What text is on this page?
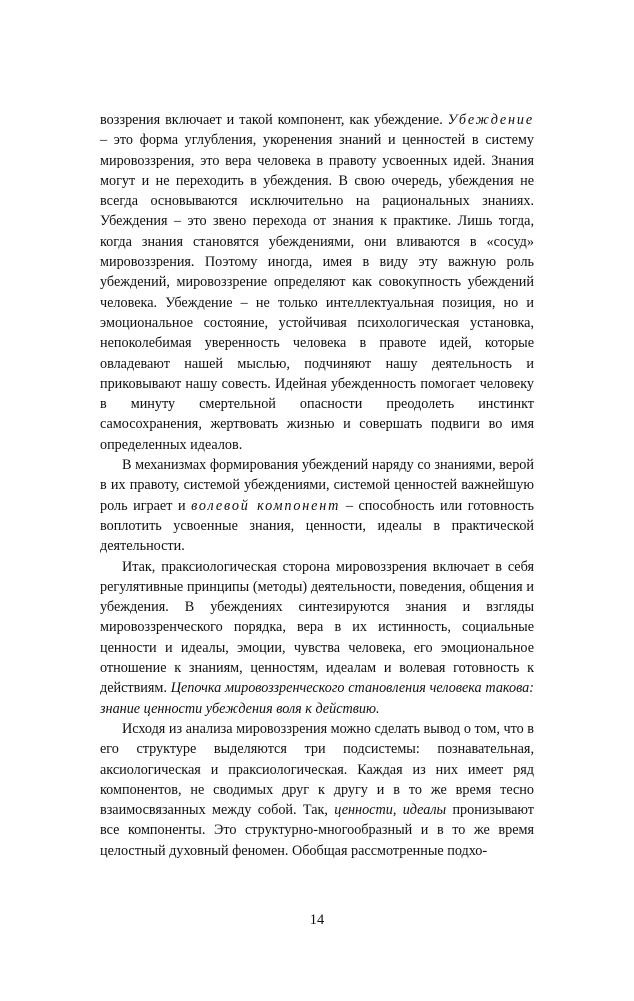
воззрения включает и такой компонент, как убеждение. Убеждение – это форма углубления, укоренения знаний и ценностей в систему мировоззрения, это вера человека в правоту усвоенных идей. Знания могут и не переходить в убеждения. В свою очередь, убеждения не всегда основываются исключительно на рациональных знаниях. Убеждения – это звено перехода от знания к практике. Лишь тогда, когда знания становятся убеждениями, они вливаются в «сосуд» мировоззрения. Поэтому иногда, имея в виду эту важную роль убеждений, мировоззрение определяют как совокупность убеждений человека. Убеждение – не только интеллектуальная позиция, но и эмоциональное состояние, устойчивая психологическая установка, непоколебимая уверенность человека в правоте идей, которые овладевают нашей мыслью, подчиняют нашу деятельность и приковывают нашу совесть. Идейная убежденность помогает человеку в минуту смертельной опасности преодолеть инстинкт самосохранения, жертвовать жизнью и совершать подвиги во имя определенных идеалов.

В механизмах формирования убеждений наряду со знаниями, верой в их правоту, системой убеждениями, системой ценностей важнейшую роль играет и волевой компонент – способность или готовность воплотить усвоенные знания, ценности, идеалы в практической деятельности.

Итак, праксиологическая сторона мировоззрения включает в себя регулятивные принципы (методы) деятельности, поведения, общения и убеждения. В убеждениях синтезируются знания и взгляды мировоззренческого порядка, вера в их истинность, социальные ценности и идеалы, эмоции, чувства человека, его эмоциональное отношение к знаниям, ценностям, идеалам и волевая готовность к действиям. Цепочка мировоззренческого становления человека такова: знание ценности убеждения воля к действию.

Исходя из анализа мировоззрения можно сделать вывод о том, что в его структуре выделяются три подсистемы: познавательная, аксиологическая и праксиологическая. Каждая из них имеет ряд компонентов, не сводимых друг к другу и в то же время тесно взаимосвязанных между собой. Так, ценности, идеалы пронизывают все компоненты. Это структурно-многообразный и в то же время целостный духовный феномен. Обобщая рассмотренные подхо-

14
